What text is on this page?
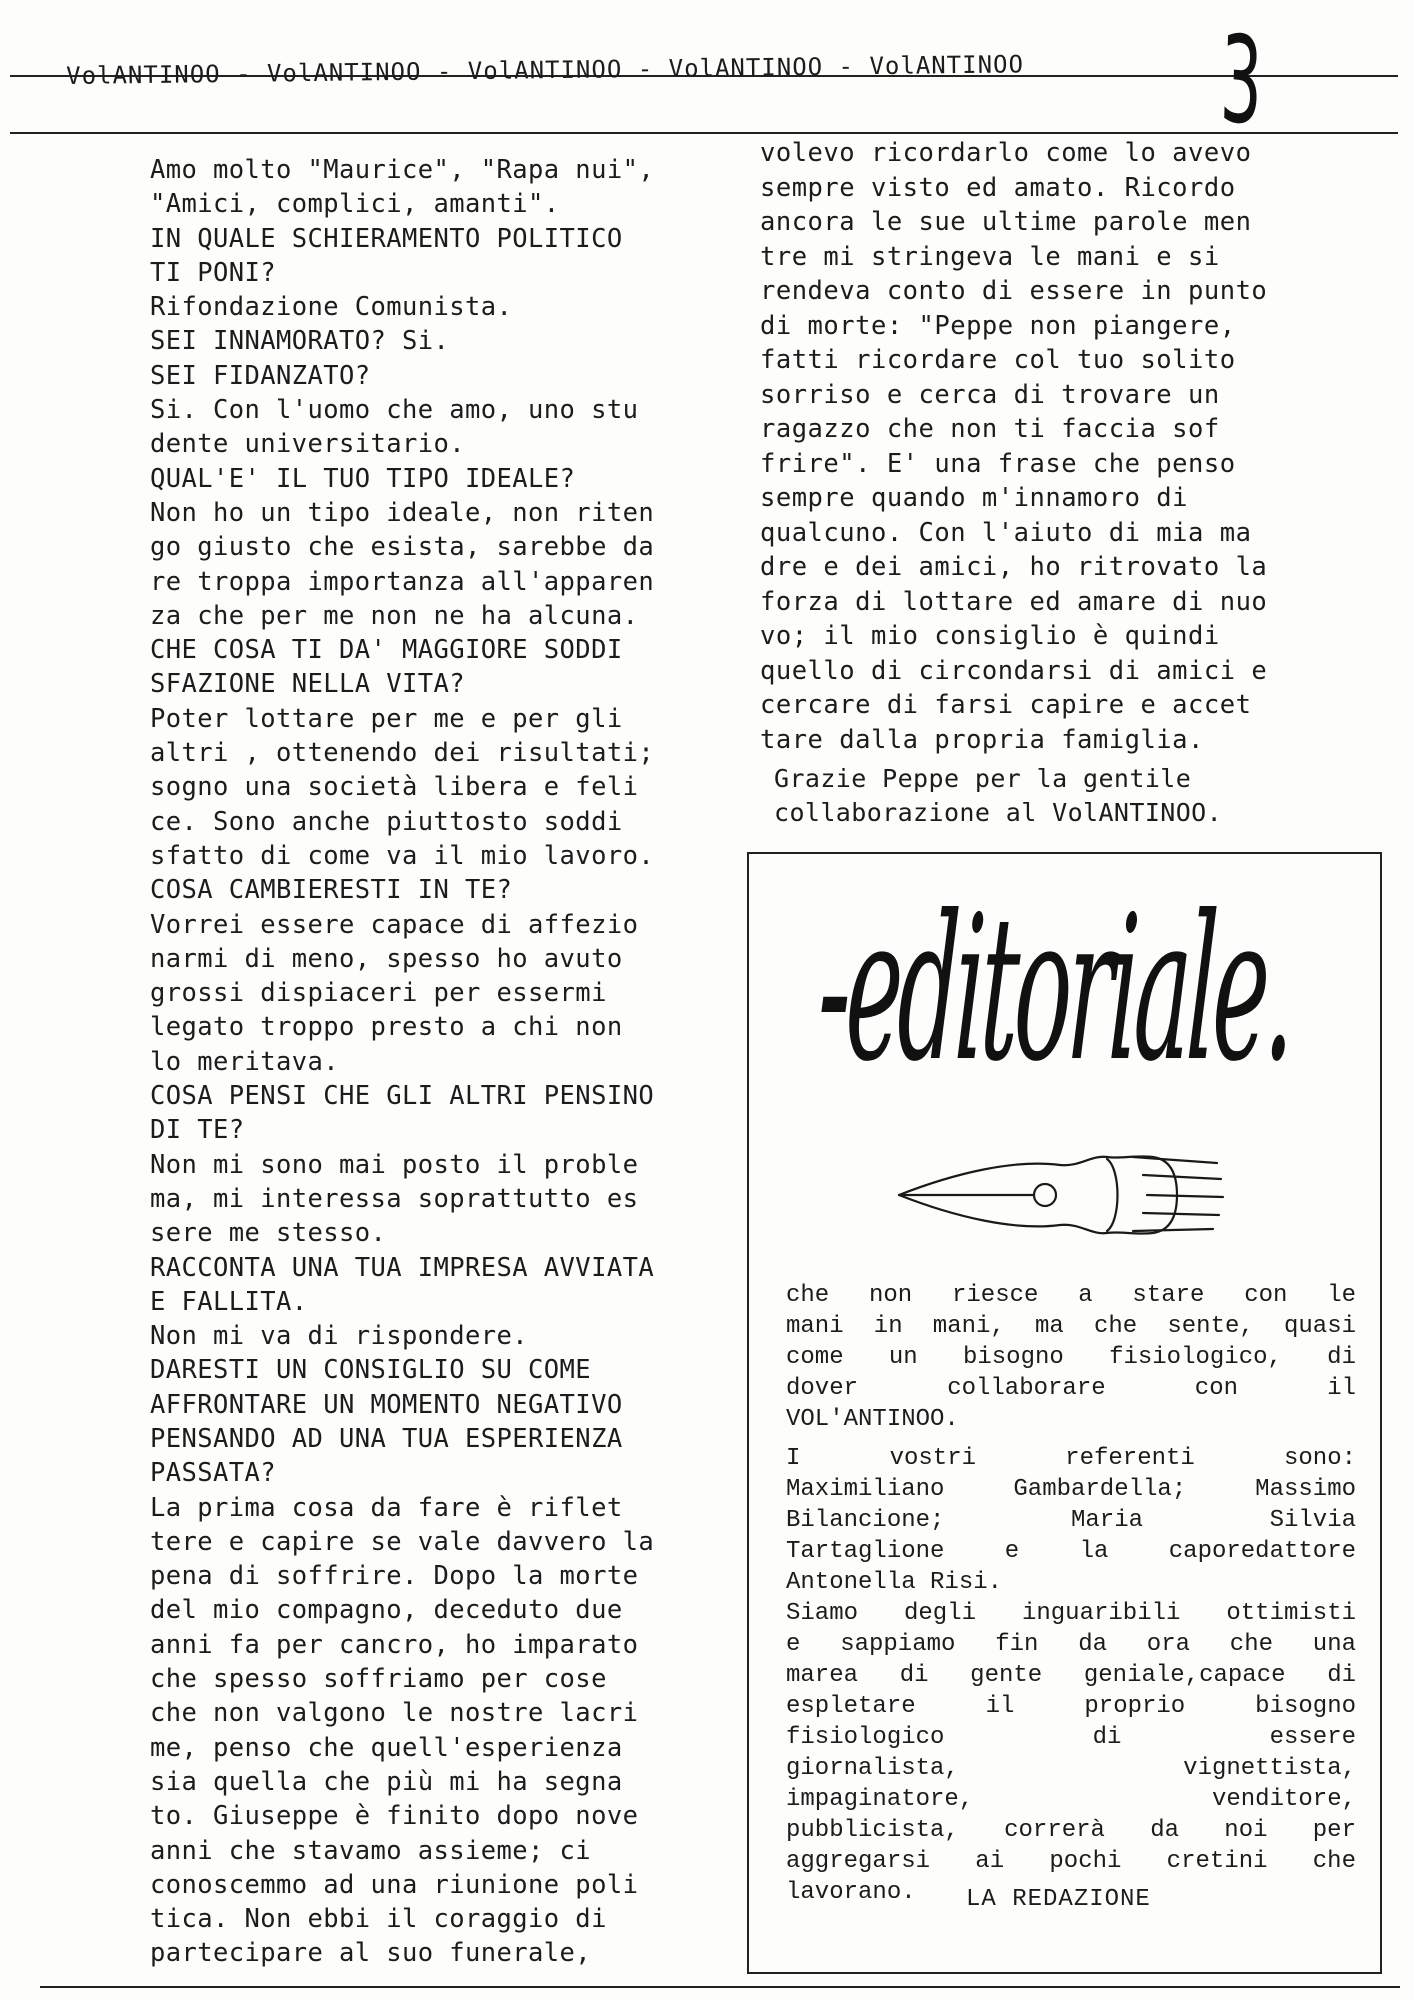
VolANTINOO - VolANTINOO - VolANTINOO - VolANTINOO - VolANTINOO 3
Amo molto "Maurice", "Rapa nui",
"Amici, complici, amanti".
IN QUALE SCHIERAMENTO POLITICO
TI PONI?
Rifondazione Comunista.
SEI INNAMORATO? Si.
SEI FIDANZATO?
Si. Con l'uomo che amo, uno stu
dente universitario.
QUAL'E' IL TUO TIPO IDEALE?
Non ho un tipo ideale, non riten
go giusto che esista, sarebbe da
re troppa importanza all'apparen
za che per me non ne ha alcuna.
CHE COSA TI DA' MAGGIORE SODDI
SFAZIONE NELLA VITA?
Poter lottare per me e per gli
altri , ottenendo dei risultati;
sogno una società libera e feli
ce. Sono anche piuttosto soddi
sfatto di come va il mio lavoro.
COSA CAMBIERESTI IN TE?
Vorrei essere capace di affezio
narmi di meno, spesso ho avuto
grossi dispiaceri per essermi
legato troppo presto a chi non
lo meritava.
COSA PENSI CHE GLI ALTRI PENSINO
DI TE?
Non mi sono mai posto il proble
ma, mi interessa soprattutto es
sere me stesso.
RACCONTA UNA TUA IMPRESA AVVIATA
E FALLITA.
Non mi va di rispondere.
DARESTI UN CONSIGLIO SU COME
AFFRONTARE UN MOMENTO NEGATIVO
PENSANDO AD UNA TUA ESPERIENZA
PASSATA?
La prima cosa da fare è riflet
tere e capire se vale davvero la
pena di soffrire. Dopo la morte
del mio compagno, deceduto due
anni fa per cancro, ho imparato
che spesso soffriamo per cose
che non valgono le nostre lacri
me, penso che quell'esperienza
sia quella che più mi ha segna
to. Giuseppe è finito dopo nove
anni che stavamo assieme; ci
conoscemmo ad una riunione poli
tica. Non ebbi il coraggio di
partecipare al suo funerale,
volevo ricordarlo come lo avevo
sempre visto ed amato. Ricordo
ancora le sue ultime parole men
tre mi stringeva le mani e si
rendeva conto di essere in punto
di morte: "Peppe non piangere,
fatti ricordare col tuo solito
sorriso e cerca di trovare un
ragazzo che non ti faccia sof
frire". E' una frase che penso
sempre quando m'innamoro di
qualcuno. Con l'aiuto di mia ma
dre e dei amici, ho ritrovato la
forza di lottare ed amare di nuo
vo; il mio consiglio è quindi
quello di circondarsi di amici e
cercare di farsi capire e accet
tare dalla propria famiglia.
Grazie Peppe per la gentile
collaborazione al VolANTINOO.
-editoriale.
che non riesce a stare con le
mani in mani, ma che sente, quasi
come un bisogno fisiologico, di
dover collaborare con il
VOL'ANTINOO.
I vostri referenti sono:
Maximiliano Gambardella; Massimo
Bilancione; Maria Silvia
Tartaglione e la caporedattore
Antonella Risi.
Siamo degli inguaribili ottimisti
e sappiamo fin da ora che una
marea di gente geniale,capace di
espletare il proprio bisogno
fisiologico di essere
giornalista, vignettista,
impaginatore, venditore,
pubblicista, correrà da noi per
aggregarsi ai pochi cretini che
lavorano.	LA REDAZIONE
